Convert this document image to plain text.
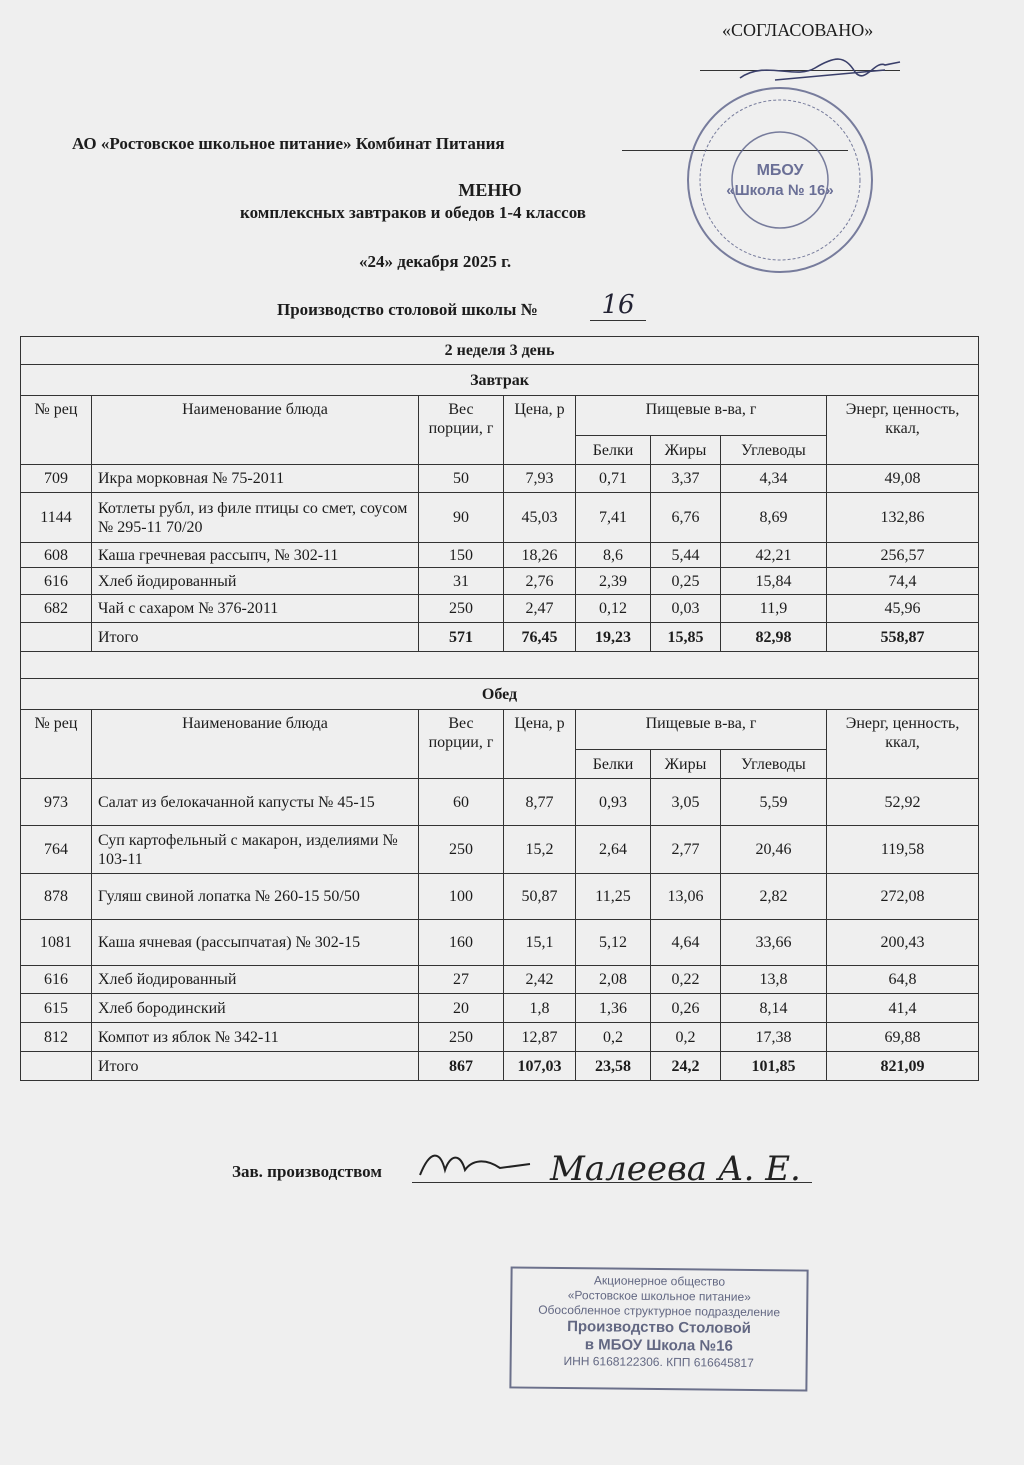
«СОГЛАСОВАНО»
АО «Ростовское школьное питание» Комбинат Питания
МЕНЮ
комплексных завтраков и обедов 1-4 классов
«24» декабря 2025 г.
Производство столовой школы №	16
МБОУ
«Школа № 16»
2 неделя 3 день							
Завтрак							
№ рец	Наименование блюда	Вес порции, г	Цена, р	Пищевые в-ва, г			Энерг, ценность, ккал,
				Белки	Жиры	Углеводы	
709	Икра морковная № 75-2011	50	7,93	0,71	3,37	4,34	49,08
1144	Котлеты рубл, из филе птицы со смет, соусом № 295-11 70/20	90	45,03	7,41	6,76	8,69	132,86
608	Каша гречневая рассыпч, № 302-11	150	18,26	8,6	5,44	42,21	256,57
616	Хлеб йодированный	31	2,76	2,39	0,25	15,84	74,4
682	Чай с сахаром № 376-2011	250	2,47	0,12	0,03	11,9	45,96
	Итого	571	76,45	19,23	15,85	82,98	558,87

Обед							
№ рец	Наименование блюда	Вес порции, г	Цена, р	Пищевые в-ва, г			Энерг, ценность, ккал,
				Белки	Жиры	Углеводы	
973	Салат из белокачанной капусты № 45-15	60	8,77	0,93	3,05	5,59	52,92
764	Суп картофельный с макарон, изделиями № 103-11	250	15,2	2,64	2,77	20,46	119,58
878	Гуляш свиной лопатка № 260-15 50/50	100	50,87	11,25	13,06	2,82	272,08
1081	Каша ячневая (рассыпчатая) № 302-15	160	15,1	5,12	4,64	33,66	200,43
616	Хлеб йодированный	27	2,42	2,08	0,22	13,8	64,8
615	Хлеб бородинский	20	1,8	1,36	0,26	8,14	41,4
812	Компот из яблок № 342-11	250	12,87	0,2	0,2	17,38	69,88
	Итого	867	107,03	23,58	24,2	101,85	821,09
Зав. производством	Малеева А. Е.
Акционерное общество
«Ростовское школьное питание»
Обособленное структурное подразделение
Производство Столовой
в МБОУ Школа №16
ИНН 6168122306. КПП 616645817
